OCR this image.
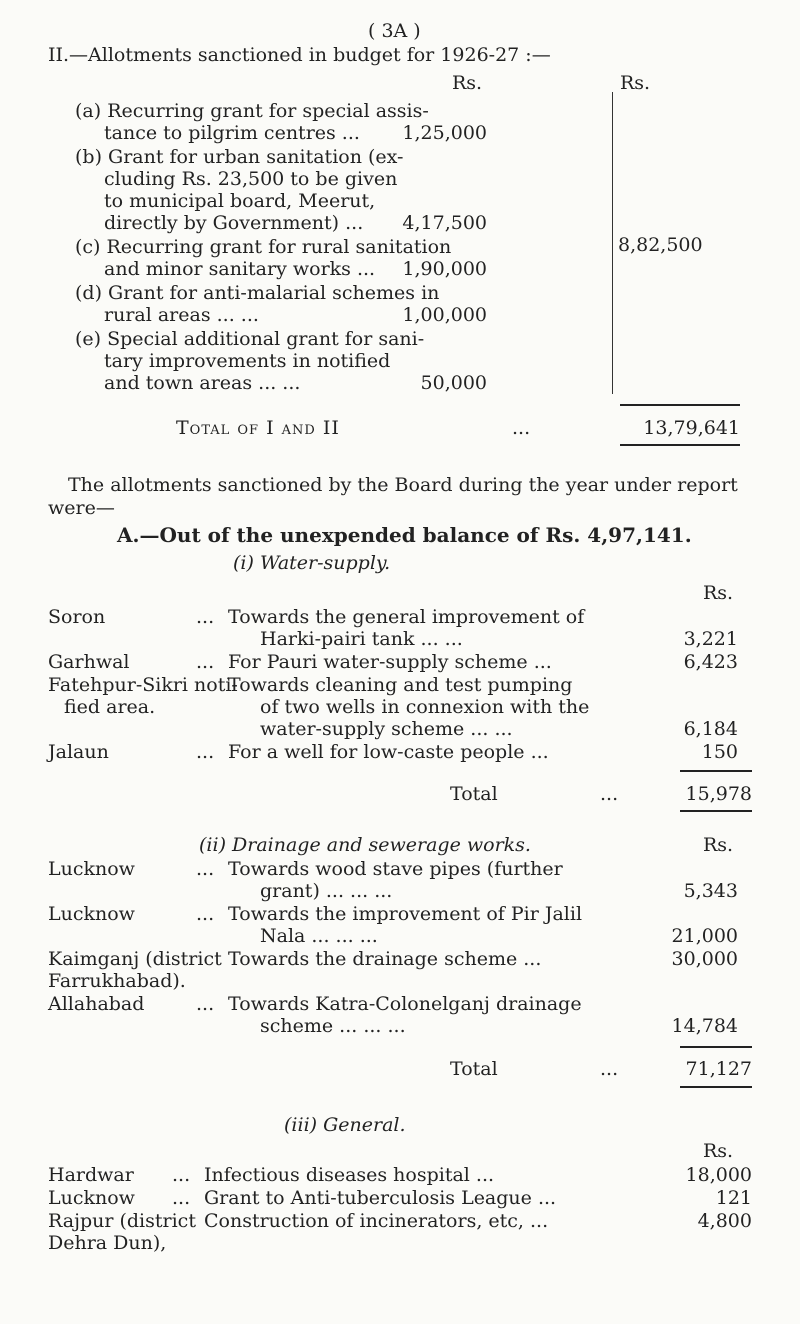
( 3A )
II.—Allotments sanctioned in budget for 1926-27 :—
Rs.	Rs.
(a) Recurring grant for special assis-
tance to pilgrim centres ... 1,25,000
(b) Grant for urban sanitation (ex-
cluding Rs. 23,500 to be given
to municipal board, Meerut,
directly by Government) ... 4,17,500
(c) Recurring grant for rural sanitation
and minor sanitary works ... 1,90,000
(d) Grant for anti-malarial schemes in
rural areas ... ...	1,00,000
(e) Special additional grant for sani-
tary improvements in notified
and town areas ... ...	50,000
8,82,500
Total of I and II	...	13,79,641
The allotments sanctioned by the Board during the year under report
were—
A.—Out of the unexpended balance of Rs. 4,97,141.
(i) Water-supply.
Rs.
Soron	... Towards the general improvement of
Harki-pairi tank ... ...	3,221
Garhwal	... For Pauri water-supply scheme ...	6,423
Fatehpur-Sikri noti-
fied area.
Towards cleaning and test pumping
of two wells in connexion with the
water-supply scheme ... ...	6,184
Jalaun	... For a well for low-caste people ...	150
Total	...	15,978
(ii) Drainage and sewerage works.	Rs.
Lucknow	... Towards wood stave pipes (further
grant) ... ... ...	5,343
Lucknow	... Towards the improvement of Pir Jalil
Nala ... ... ...	21,000
Kaimganj (district
Farrukhabad).
Towards the drainage scheme ...	30,000
Allahabad	... Towards Katra-Colonelganj drainage
scheme ... ... ...	14,784
Total	...	71,127
(iii) General.
Rs.
Hardwar ... Infectious diseases hospital ...	18,000
Lucknow ... Grant to Anti-tuberculosis League ...	121
Rajpur (district
Dehra Dun),
Construction of incinerators, etc, ...	4,800
